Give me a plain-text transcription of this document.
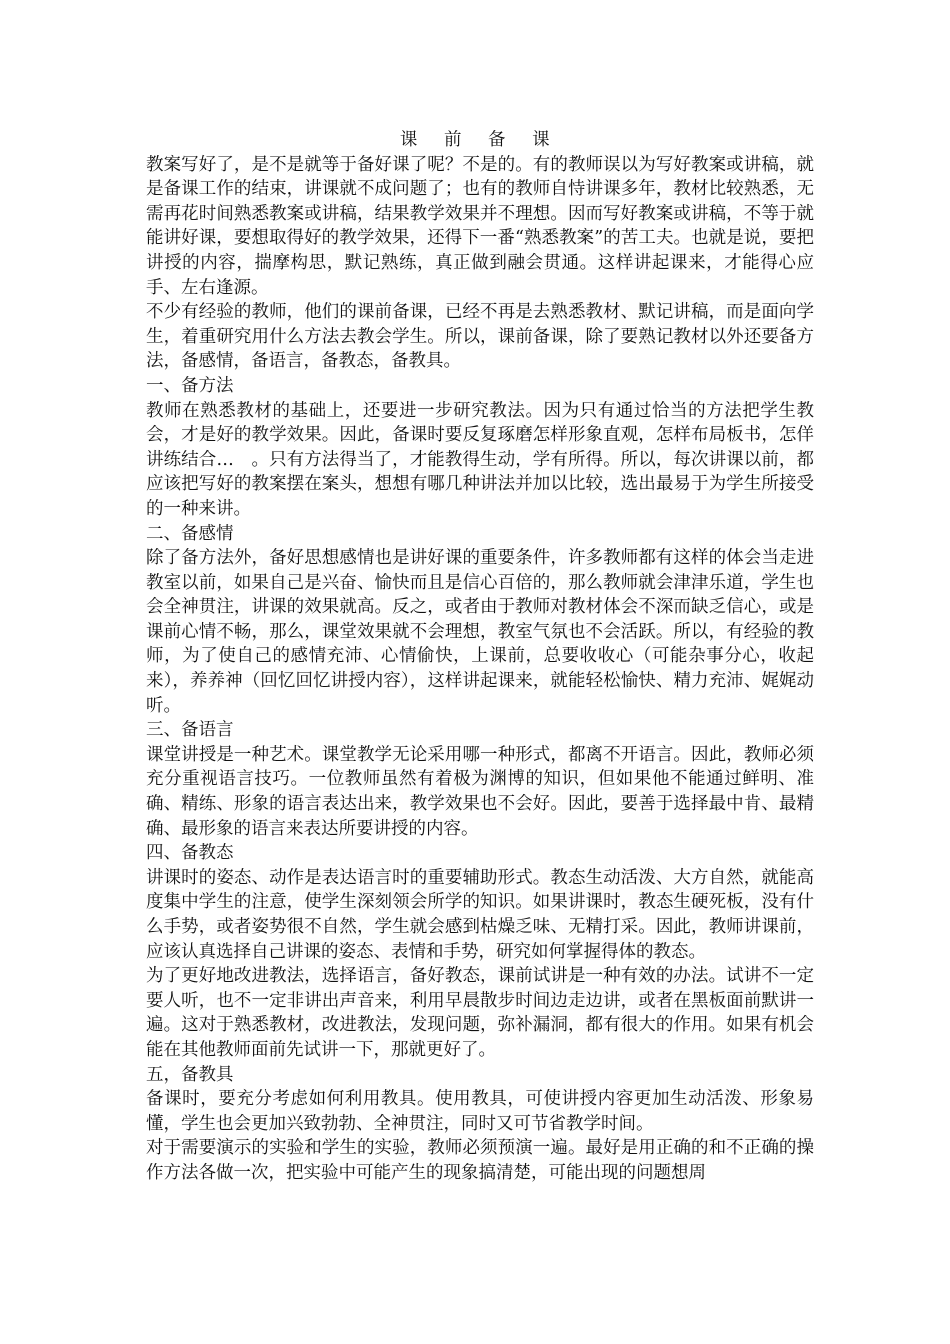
课 前 备 课

教案写好了，是不是就等于备好课了呢？不是的。有的教师误以为写好教案或讲稿，就是备课工作的结束，讲课就不成问题了；也有的教师自恃讲课多年，教材比较熟悉，无需再花时间熟悉教案或讲稿，结果教学效果并不理想。因而写好教案或讲稿，不等于就能讲好课，要想取得好的教学效果，还得下一番“熟悉教案”的苦工夫。也就是说，要把讲授的内容，揣摩构思，默记熟练，真正做到融会贯通。这样讲起课来，才能得心应手、左右逢源。

不少有经验的教师，他们的课前备课，已经不再是去熟悉教材、默记讲稿，而是面向学生，着重研究用什么方法去教会学生。所以，课前备课，除了要熟记教材以外还要备方法，备感情，备语言，备教态，备教具。

一、备方法

教师在熟悉教材的基础上，还要进一步研究教法。因为只有通过恰当的方法把学生教会，才是好的教学效果。因此，备课时要反复琢磨怎样形象直观，怎样布局板书，怎佯讲练结合…　。只有方法得当了，才能教得生动，学有所得。所以，每次讲课以前，都应该把写好的教案摆在案头，想想有哪几种讲法并加以比较，选出最易于为学生所接受的一种来讲。

二、备感情

除了备方法外，备好思想感情也是讲好课的重要条件，许多教师都有这样的体会当走进教室以前，如果自己是兴奋、愉快而且是信心百倍的，那么教师就会津津乐道，学生也会全神贯注，讲课的效果就高。反之，或者由于教师对教材体会不深而缺乏信心，或是课前心情不畅，那么，课堂效果就不会理想，教室气氛也不会活跃。所以，有经验的教师，为了使自己的感情充沛、心情偷快，上课前，总要收收心（可能杂事分心，收起来），养养神（回忆回忆讲授内容），这样讲起课来，就能轻松愉快、精力充沛、娓娓动听。

三、备语言

课堂讲授是一种艺术。课堂教学无论采用哪一种形式，都离不开语言。因此，教师必须充分重视语言技巧。一位教师虽然有着极为渊博的知识，但如果他不能通过鲜明、准确、精练、形象的语言表达出来，教学效果也不会好。因此，要善于选择最中肯、最精确、最形象的语言来表达所要讲授的内容。

四、备教态

讲课时的姿态、动作是表达语言时的重要辅助形式。教态生动活泼、大方自然，就能高度集中学生的注意，使学生深刻领会所学的知识。如果讲课时，教态生硬死板，没有什么手势，或者姿势很不自然，学生就会感到枯燥乏味、无精打采。因此，教师讲课前，应该认真选择自己讲课的姿态、表情和手势，研究如何掌握得体的教态。

为了更好地改进教法，选择语言，备好教态，课前试讲是一种有效的办法。试讲不一定要人听，也不一定非讲出声音来，利用早晨散步时间边走边讲，或者在黑板面前默讲一遍。这对于熟悉教材，改进教法，发现问题，弥补漏洞，都有很大的作用。如果有机会能在其他教师面前先试讲一下，那就更好了。

五，备教具

备课时，要充分考虑如何利用教具。使用教具，可使讲授内容更加生动活泼、形象易懂，学生也会更加兴致勃勃、全神贯注，同时又可节省教学时间。

对于需要演示的实验和学生的实验，教师必须预演一遍。最好是用正确的和不正确的操作方法各做一次，把实验中可能产生的现象搞清楚，可能出现的问题想周
